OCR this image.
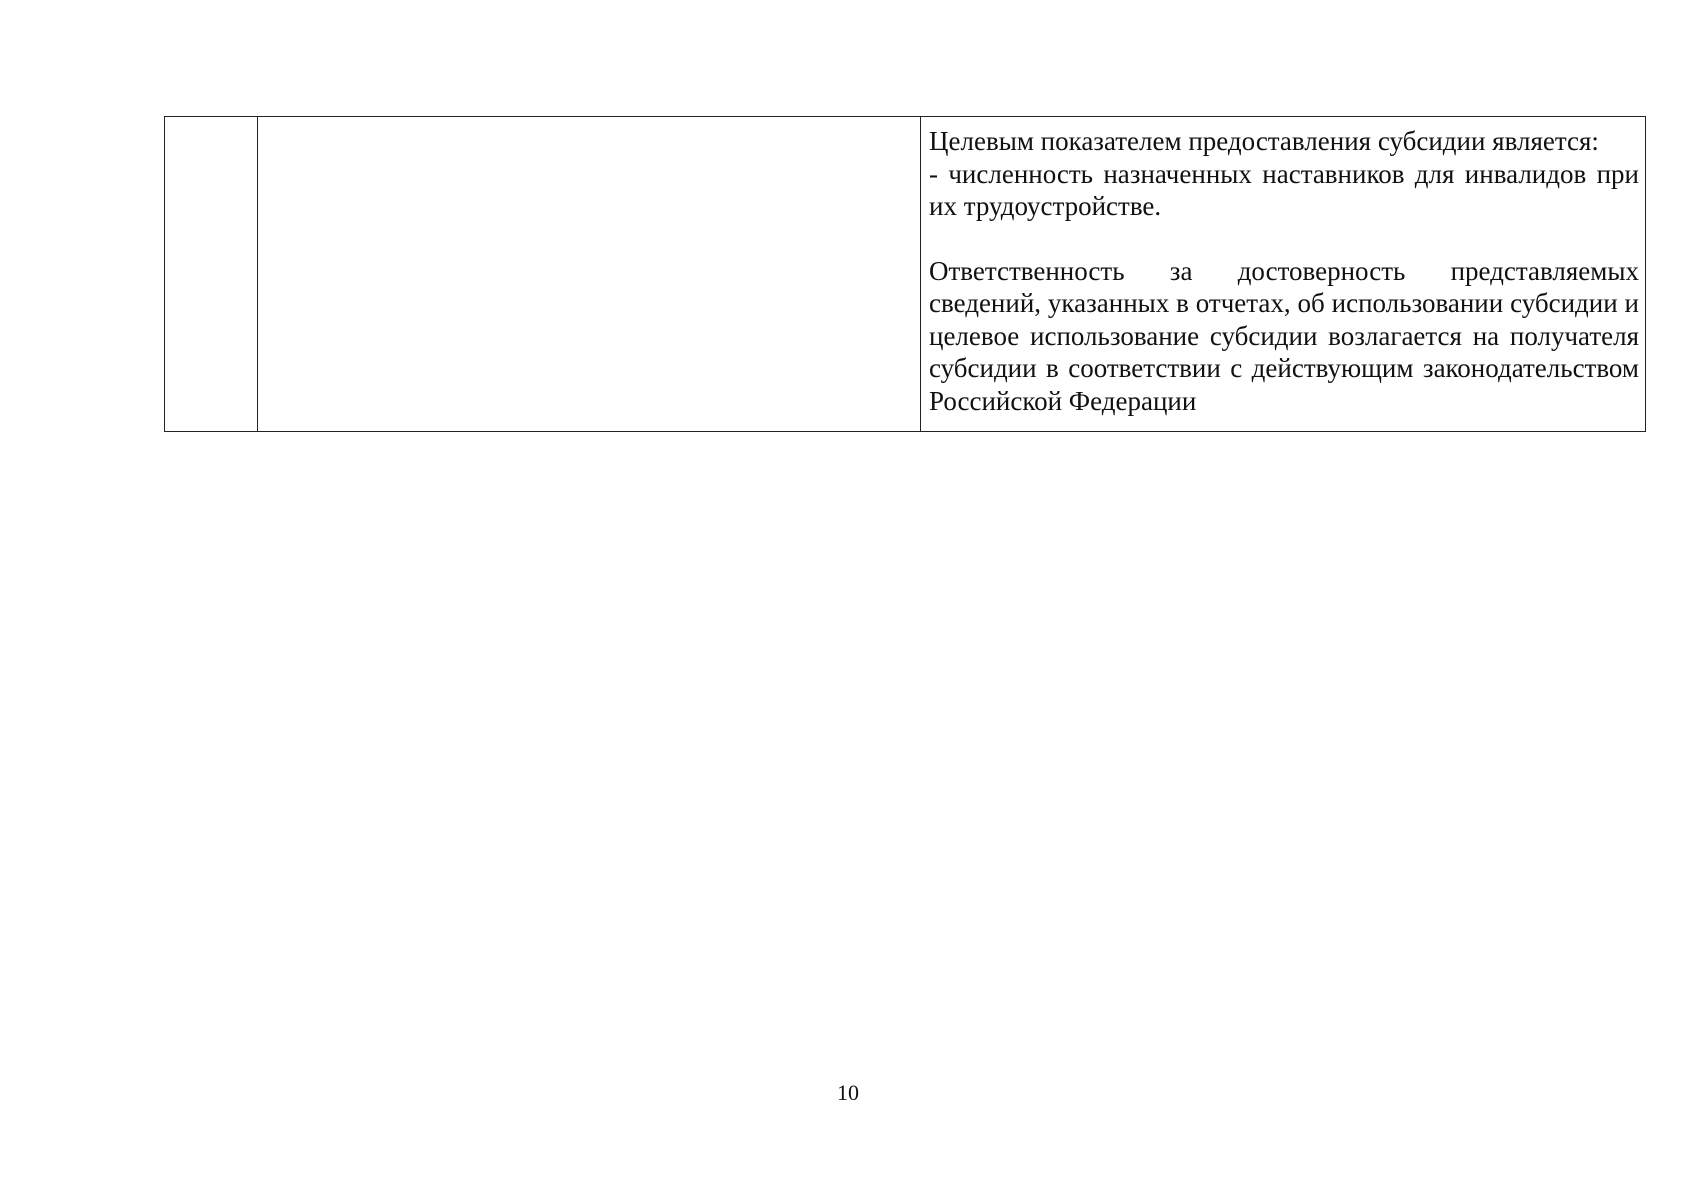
Целевым показателем предоставления субсидии является:

- численность назначенных наставников для инвалидов при их трудоустройстве.

Ответственность за достоверность представляемых сведений, указанных в отчетах, об использовании субсидии и целевое использование субсидии возлагается на получателя субсидии в соответствии с действующим законодательством Российской Федерации

10
